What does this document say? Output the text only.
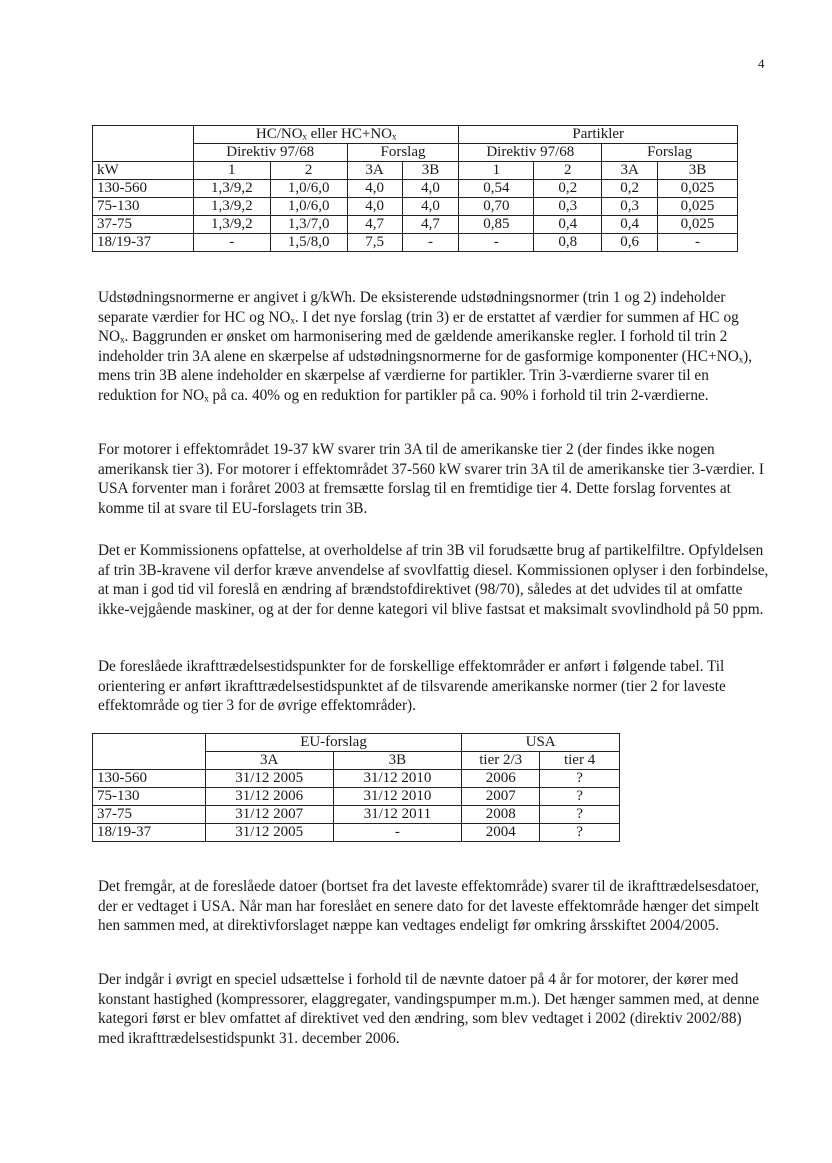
4
	HC/NOₓ eller HC+NOₓ				Partikler			
	Direktiv 97/68		Forslag		Direktiv 97/68		Forslag	
kW	1	2	3A	3B	1	2	3A	3B
130-560	1,3/9,2	1,0/6,0	4,0	4,0	0,54	0,2	0,2	0,025
75-130	1,3/9,2	1,0/6,0	4,0	4,0	0,70	0,3	0,3	0,025
37-75	1,3/9,2	1,3/7,0	4,7	4,7	0,85	0,4	0,4	0,025
18/19-37	-	1,5/8,0	7,5	-	-	0,8	0,6	-

Udstødningsnormerne er angivet i g/kWh. De eksisterende udstødningsnormer (trin 1 og 2) indeholder separate værdier for HC og NOₓ. I det nye forslag (trin 3) er de erstattet af værdier for summen af HC og NOₓ. Baggrunden er ønsket om harmonisering med de gældende amerikanske regler. I forhold til trin 2 indeholder trin 3A alene en skærpelse af udstødningsnormerne for de gasformige komponenter (HC+NOₓ), mens trin 3B alene indeholder en skærpelse af værdierne for partikler. Trin 3-værdierne svarer til en reduktion for NOₓ på ca. 40% og en reduktion for partikler på ca. 90% i forhold til trin 2-værdierne.

For motorer i effektområdet 19-37 kW svarer trin 3A til de amerikanske tier 2 (der findes ikke nogen amerikansk tier 3). For motorer i effektområdet 37-560 kW svarer trin 3A til de amerikanske tier 3-værdier. I USA forventer man i foråret 2003 at fremsætte forslag til en fremtidige tier 4. Dette forslag forventes at komme til at svare til EU-forslagets trin 3B.

Det er Kommissionens opfattelse, at overholdelse af trin 3B vil forudsætte brug af partikelfiltre. Opfyldelsen af trin 3B-kravene vil derfor kræve anvendelse af svovlfattig diesel. Kommissionen oplyser i den forbindelse, at man i god tid vil foreslå en ændring af brændstofdirektivet (98/70), således at det udvides til at omfatte ikke-vejgående maskiner, og at der for denne kategori vil blive fastsat et maksimalt svovlindhold på 50 ppm.

De foreslåede ikrafttrædelsestidspunkter for de forskellige effektområder er anført i følgende tabel. Til orientering er anført ikrafttrædelsestidspunktet af de tilsvarende amerikanske normer (tier 2 for laveste effektområde og tier 3 for de øvrige effektområder).

	EU-forslag		USA	
	3A	3B	tier 2/3	tier 4
130-560	31/12 2005	31/12 2010	2006	?
75-130	31/12 2006	31/12 2010	2007	?
37-75	31/12 2007	31/12 2011	2008	?
18/19-37	31/12 2005	-	2004	?

Det fremgår, at de foreslåede datoer (bortset fra det laveste effektområde) svarer til de ikrafttrædelsesdatoer, der er vedtaget i USA. Når man har foreslået en senere dato for det laveste effektområde hænger det simpelt hen sammen med, at direktivforslaget næppe kan vedtages endeligt før omkring årsskiftet 2004/2005.

Der indgår i øvrigt en speciel udsættelse i forhold til de nævnte datoer på 4 år for motorer, der kører med konstant hastighed (kompressorer, elaggregater, vandingspumper m.m.). Det hænger sammen med, at denne kategori først er blev omfattet af direktivet ved den ændring, som blev vedtaget i 2002 (direktiv 2002/88) med ikrafttrædelsestidspunkt 31. december 2006.
